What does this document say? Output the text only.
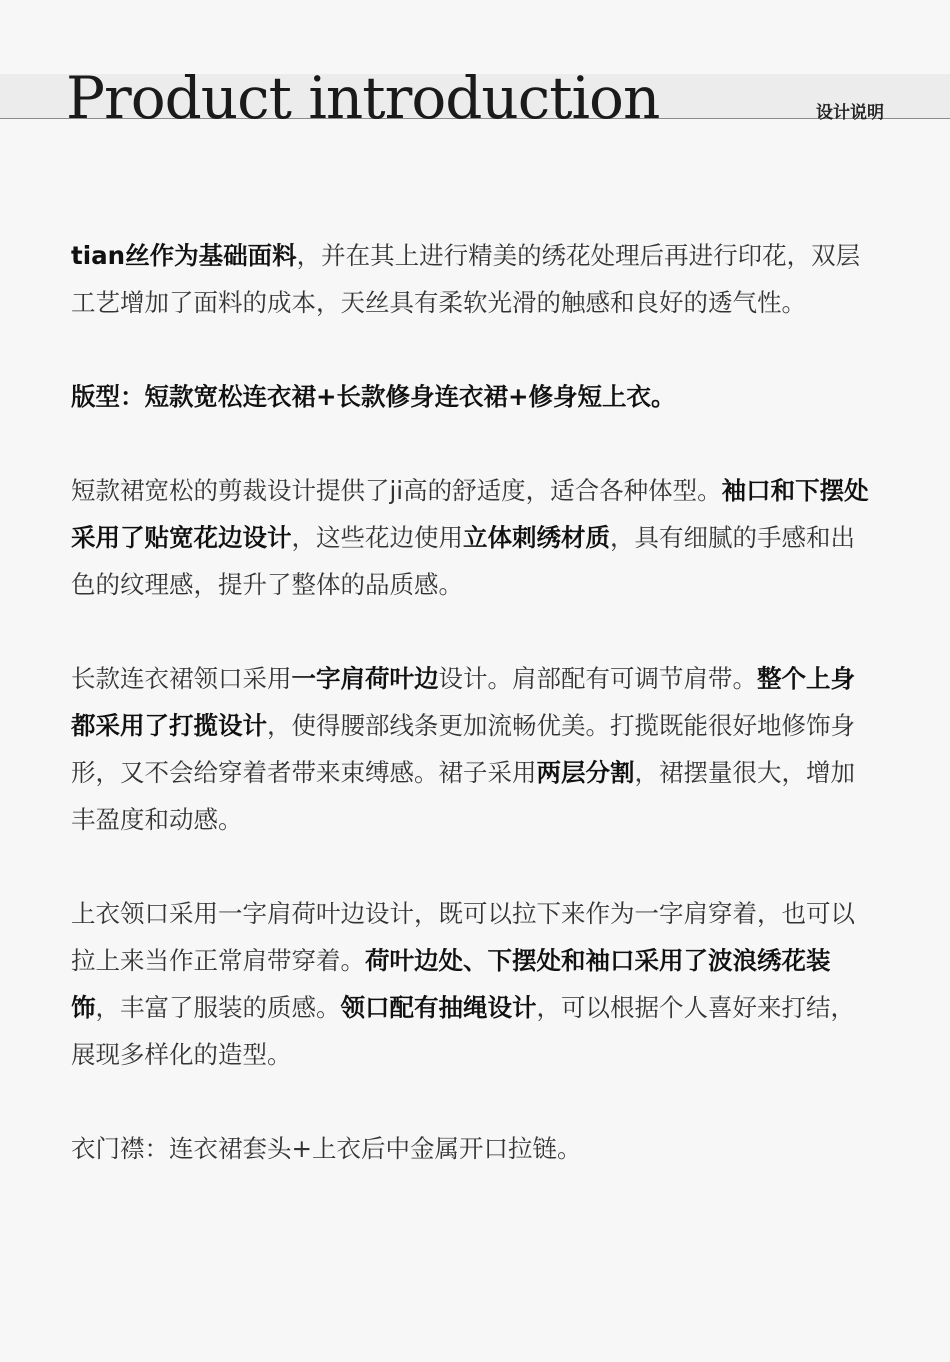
Product introduction	设计说明

tian丝作为基础面料，并在其上进行精美的绣花处理后再进行印花，双层工艺增加了面料的成本，天丝具有柔软光滑的触感和良好的透气性。

版型：短款宽松连衣裙+长款修身连衣裙+修身短上衣。

短款裙宽松的剪裁设计提供了ji高的舒适度，适合各种体型。袖口和下摆处采用了贴宽花边设计，这些花边使用立体刺绣材质，具有细腻的手感和出色的纹理感，提升了整体的品质感。

长款连衣裙领口采用一字肩荷叶边设计。肩部配有可调节肩带。整个上身都采用了打揽设计，使得腰部线条更加流畅优美。打揽既能很好地修饰身形，又不会给穿着者带来束缚感。裙子采用两层分割，裙摆量很大，增加丰盈度和动感。

上衣领口采用一字肩荷叶边设计，既可以拉下来作为一字肩穿着，也可以拉上来当作正常肩带穿着。荷叶边处、下摆处和袖口采用了波浪绣花装饰，丰富了服装的质感。领口配有抽绳设计，可以根据个人喜好来打结，展现多样化的造型。

衣门襟：连衣裙套头+上衣后中金属开口拉链。
